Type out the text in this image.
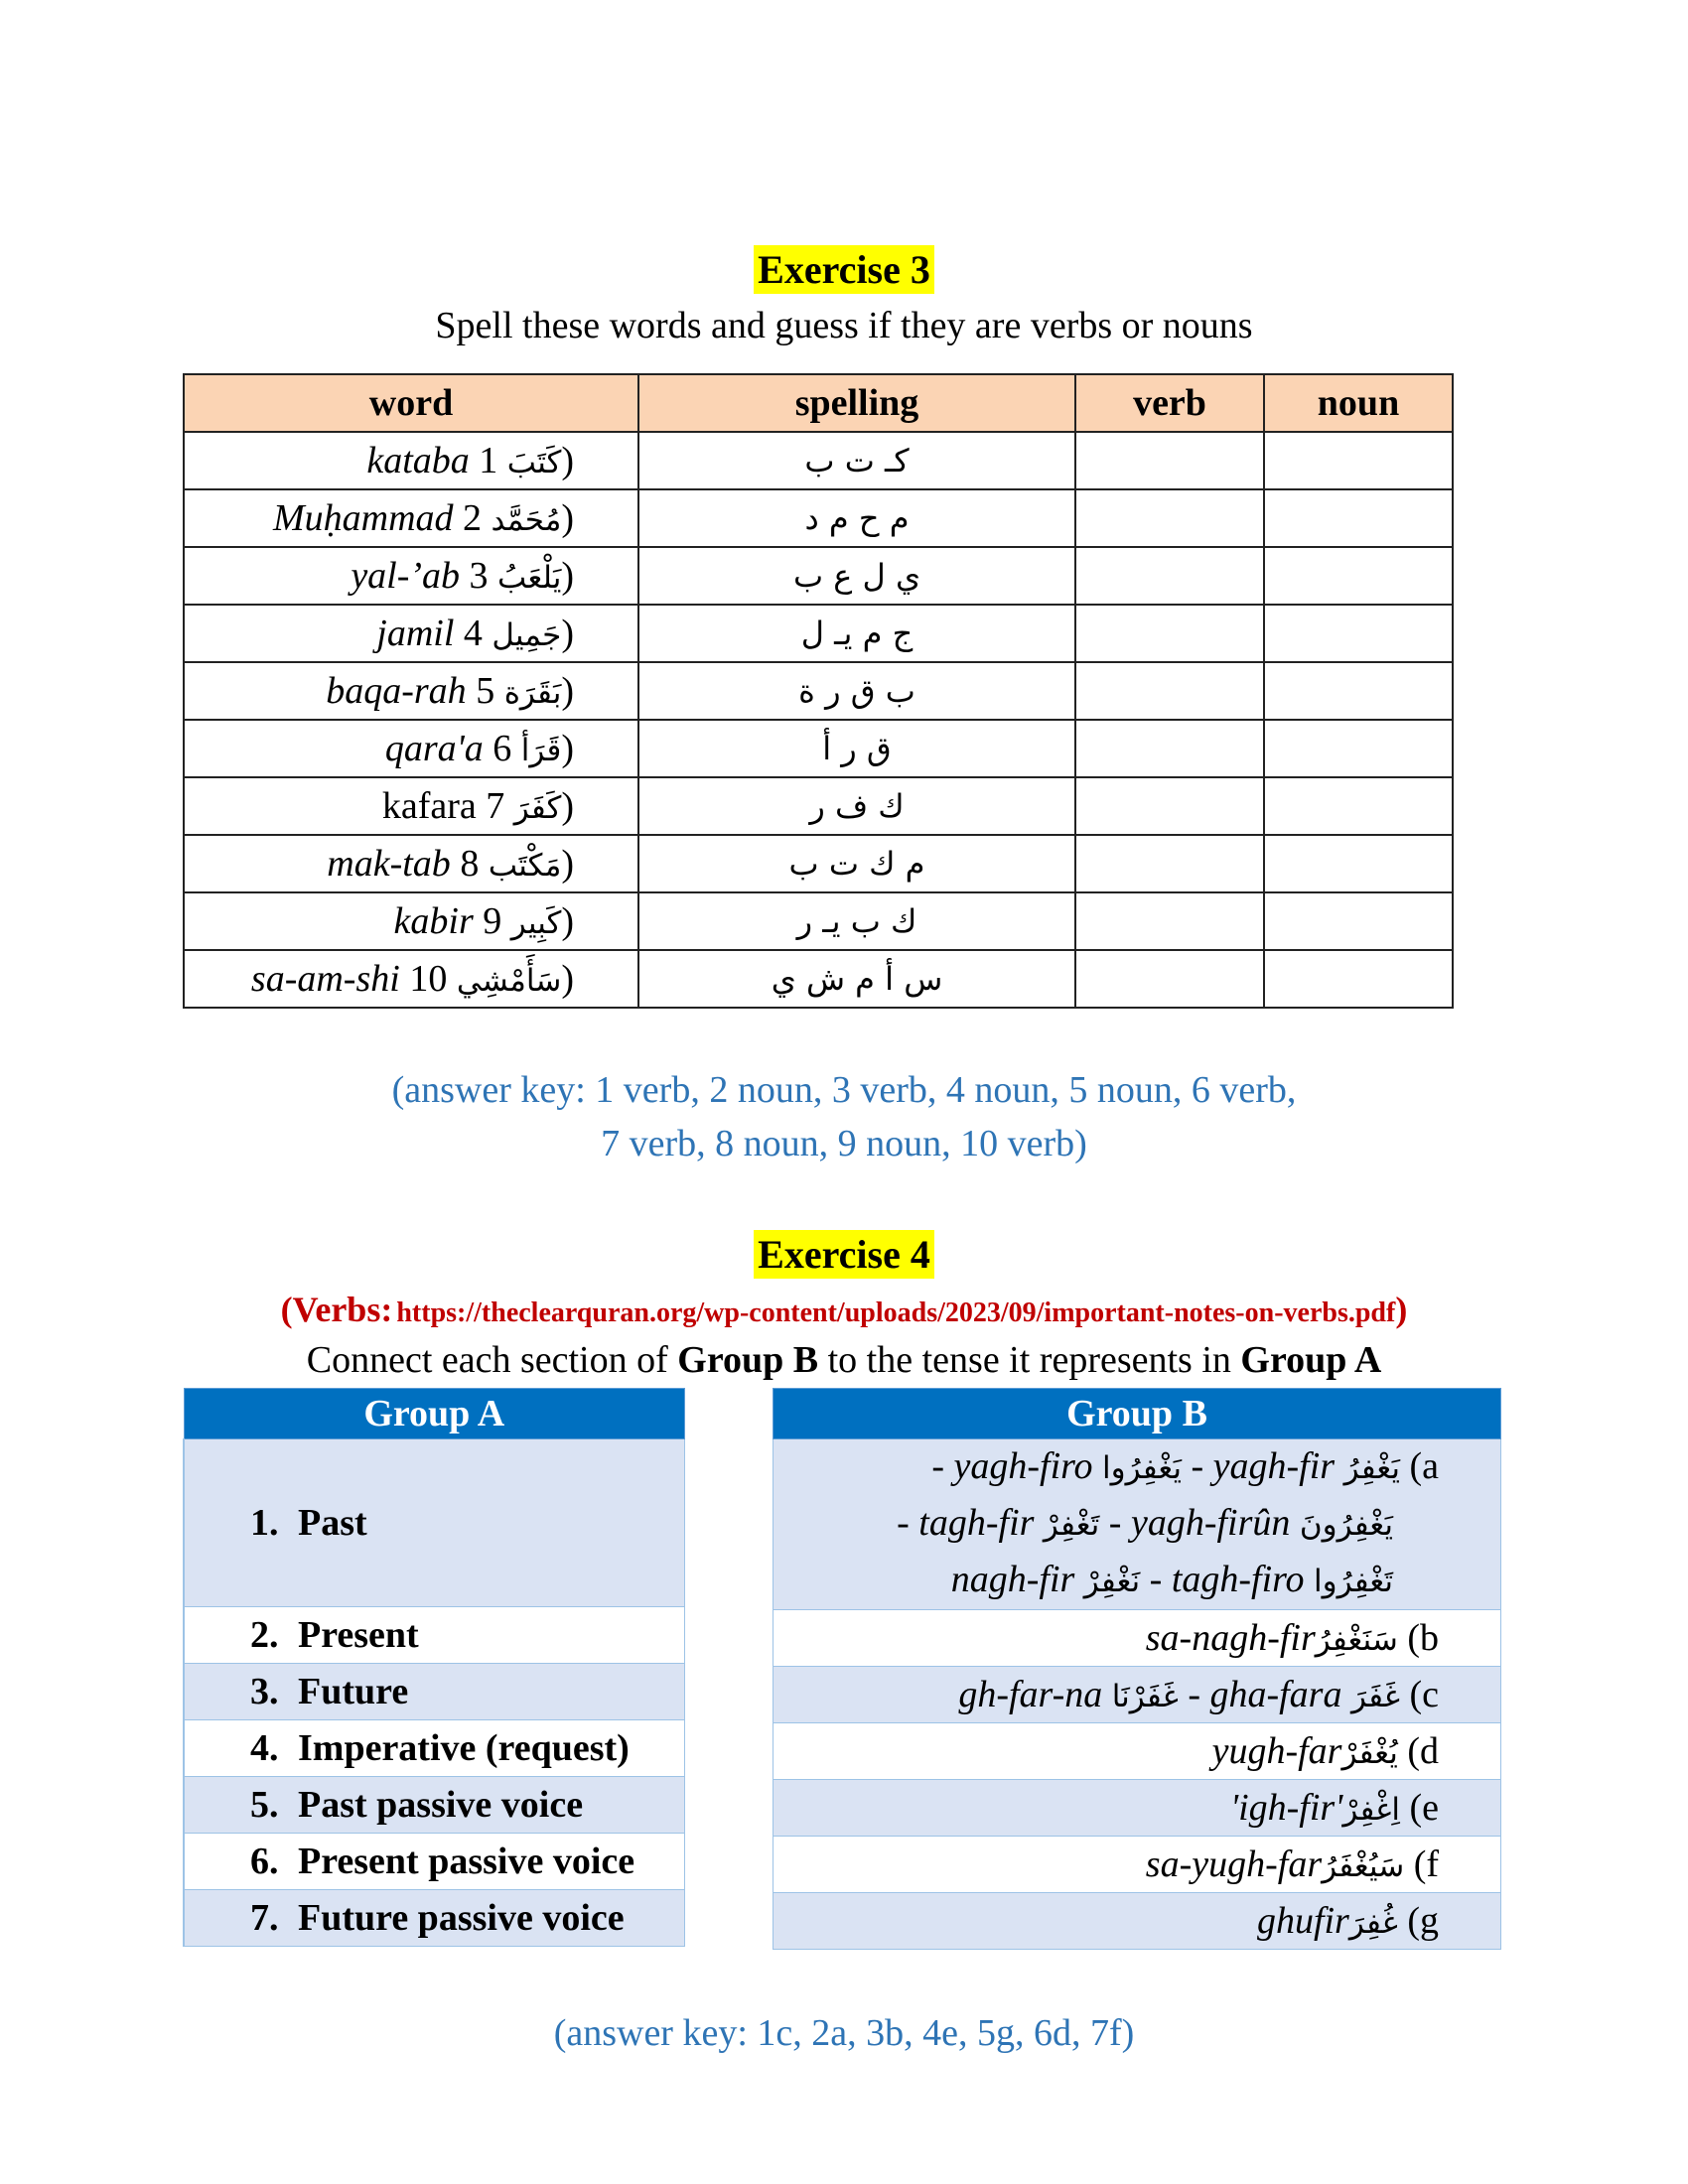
Exercise 3
Spell these words and guess if they are verbs or nouns
word	spelling	verb	noun
kataba كَتَبَ 1)	كـ ت ب		
Muḥammad مُحَمَّد 2)	م ح م د		
yal-’ab يَلْعَبُ 3)	ي ل ع ب		
jamil جَمِيل 4)	ج م يـ ل		
baqa-rah بَقَرَة 5)	ب ق ر ة		
qara'a قَرَأ 6)	ق ر أ		
kafara كَفَرَ 7)	ك ف ر		
mak-tab مَكْتَب 8)	م ك ت ب		
kabir كَبِير 9)	ك ب يـ ر		
sa-am-shi سَأَمْشِي 10)	س أ م ش ي		
(answer key: 1 verb, 2 noun, 3 verb, 4 noun, 5 noun, 6 verb,
7 verb, 8 noun, 9 noun, 10 verb)
Exercise 4
(Verbs: https://theclearquran.org/wp-content/uploads/2023/09/important-notes-on-verbs.pdf)
Connect each section of Group B to the tense it represents in Group A
Group A
1. Past
2. Present
3. Future
4. Imperative (request)
5. Past passive voice
6. Present passive voice
7. Future passive voice
Group B

- yagh-firo يَغْفِرُوا - yagh-fir يَغْفِرُ (a
- tagh-fir تَغْفِرْ - yagh-firûn يَغْفِرُونَ
nagh-fir نَغْفِرْ - tagh-firo تَغْفِرُوا

sa-nagh-firسَنَغْفِرُ (b
gh-far-na غَفَرْنَا - gha-fara غَفَرَ (c
yugh-farيُغْفَرْ (d
'igh-fir'اِغْفِرْ (e
sa-yugh-farسَيُغْفَرُ (f
ghufirغُفِرَ (g
(answer key: 1c, 2a, 3b, 4e, 5g, 6d, 7f)
